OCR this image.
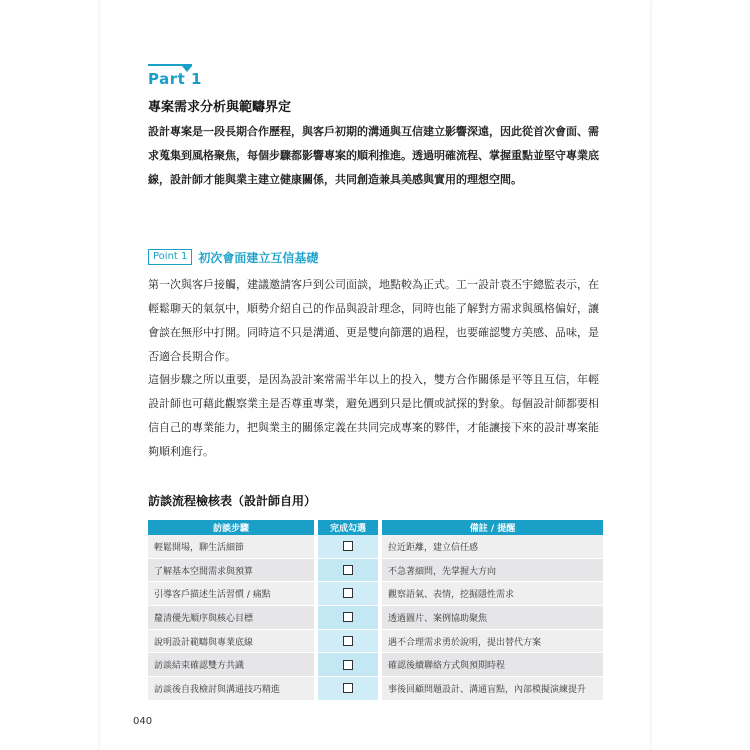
Part 1
專案需求分析與範疇界定

設計專案是一段長期合作歷程，與客戶初期的溝通與互信建立影響深遠，因此從首次會面、需求蒐集到風格聚焦，每個步驟都影響專案的順利推進。透過明確流程、掌握重點並堅守專業底線，設計師才能與業主建立健康關係，共同創造兼具美感與實用的理想空間。

Point 1 初次會面建立互信基礎

第一次與客戶接觸，建議邀請客戶到公司面談，地點較為正式。工一設計袁丕宇總監表示，在輕鬆聊天的氣氛中，順勢介紹自己的作品與設計理念，同時也能了解對方需求與風格偏好，讓會談在無形中打開。同時這不只是溝通、更是雙向篩選的過程，也要確認雙方美感、品味，是否適合長期合作。

這個步驟之所以重要，是因為設計案常需半年以上的投入，雙方合作關係是平等且互信，年輕設計師也可藉此觀察業主是否尊重專業，避免遇到只是比價或試探的對象。每個設計師都要相信自己的專業能力，把與業主的關係定義在共同完成專案的夥伴，才能讓接下來的設計專案能夠順利進行。

訪談流程檢核表（設計師自用）
訪談步驟		完成勾選		備註 / 提醒
輕鬆開場，聊生活細節				拉近距離，建立信任感
了解基本空間需求與預算				不急著細問，先掌握大方向
引導客戶描述生活習慣 / 痛點				觀察語氣、表情，挖掘隱性需求
釐清優先順序與核心目標				透過圖片、案例協助聚焦
說明設計範疇與專業底線				遇不合理需求勇於說明，提出替代方案
訪談結束確認雙方共識				確認後續聯絡方式與預期時程
訪談後自我檢討與溝通技巧精進				事後回顧問題設計、溝通盲點，內部模擬演練提升
040
